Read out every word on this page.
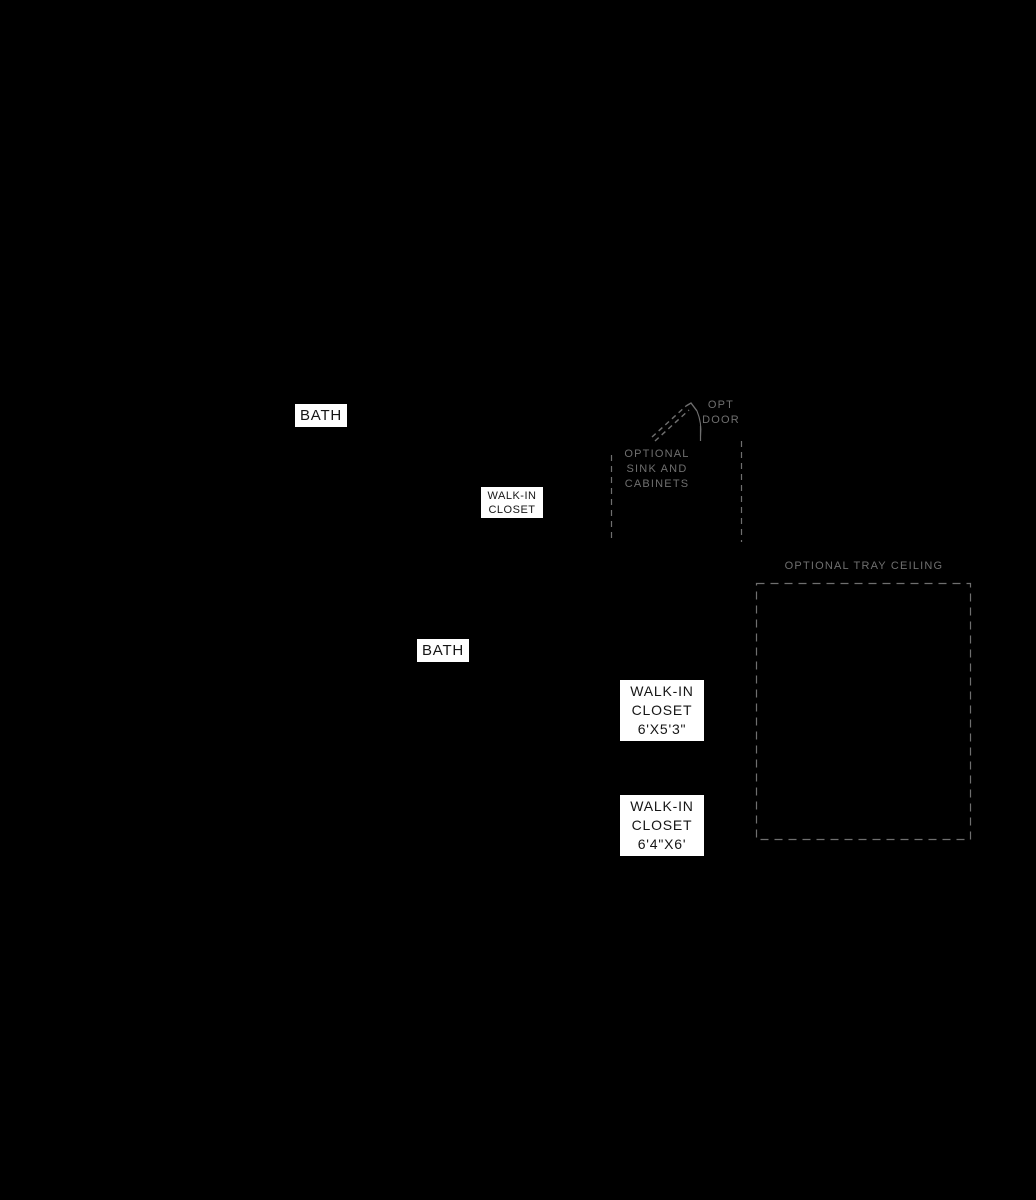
BATH
WALK-IN
CLOSET
OPT
DOOR
OPTIONAL
SINK AND
CABINETS
OPTIONAL TRAY CEILING
BATH
WALK-IN
CLOSET
6'X5'3"
WALK-IN
CLOSET
6'4"X6'
